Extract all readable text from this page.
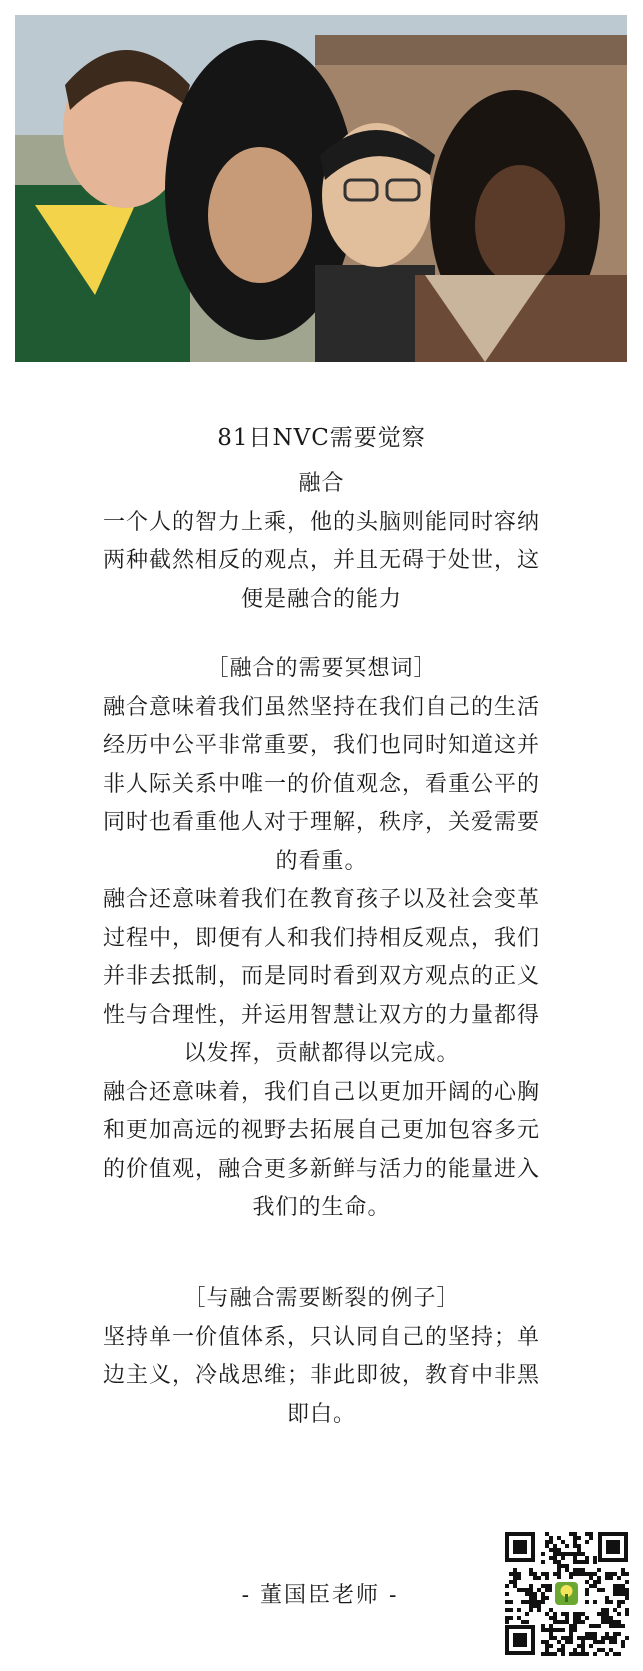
81日NVC需要觉察

融合
一个人的智力上乘，他的头脑则能同时容纳
两种截然相反的观点，并且无碍于处世，这
便是融合的能力
［融合的需要冥想词］
融合意味着我们虽然坚持在我们自己的生活
经历中公平非常重要，我们也同时知道这并
非人际关系中唯一的价值观念，看重公平的
同时也看重他人对于理解，秩序，关爱需要
的看重。
融合还意味着我们在教育孩子以及社会变革
过程中，即便有人和我们持相反观点，我们
并非去抵制，而是同时看到双方观点的正义
性与合理性，并运用智慧让双方的力量都得
以发挥，贡献都得以完成。
融合还意味着，我们自己以更加开阔的心胸
和更加高远的视野去拓展自己更加包容多元
的价值观，融合更多新鲜与活力的能量进入
我们的生命。
［与融合需要断裂的例子］
坚持单一价值体系，只认同自己的坚持；单
边主义，冷战思维；非此即彼，教育中非黑
即白。
- 董国臣老师 -
